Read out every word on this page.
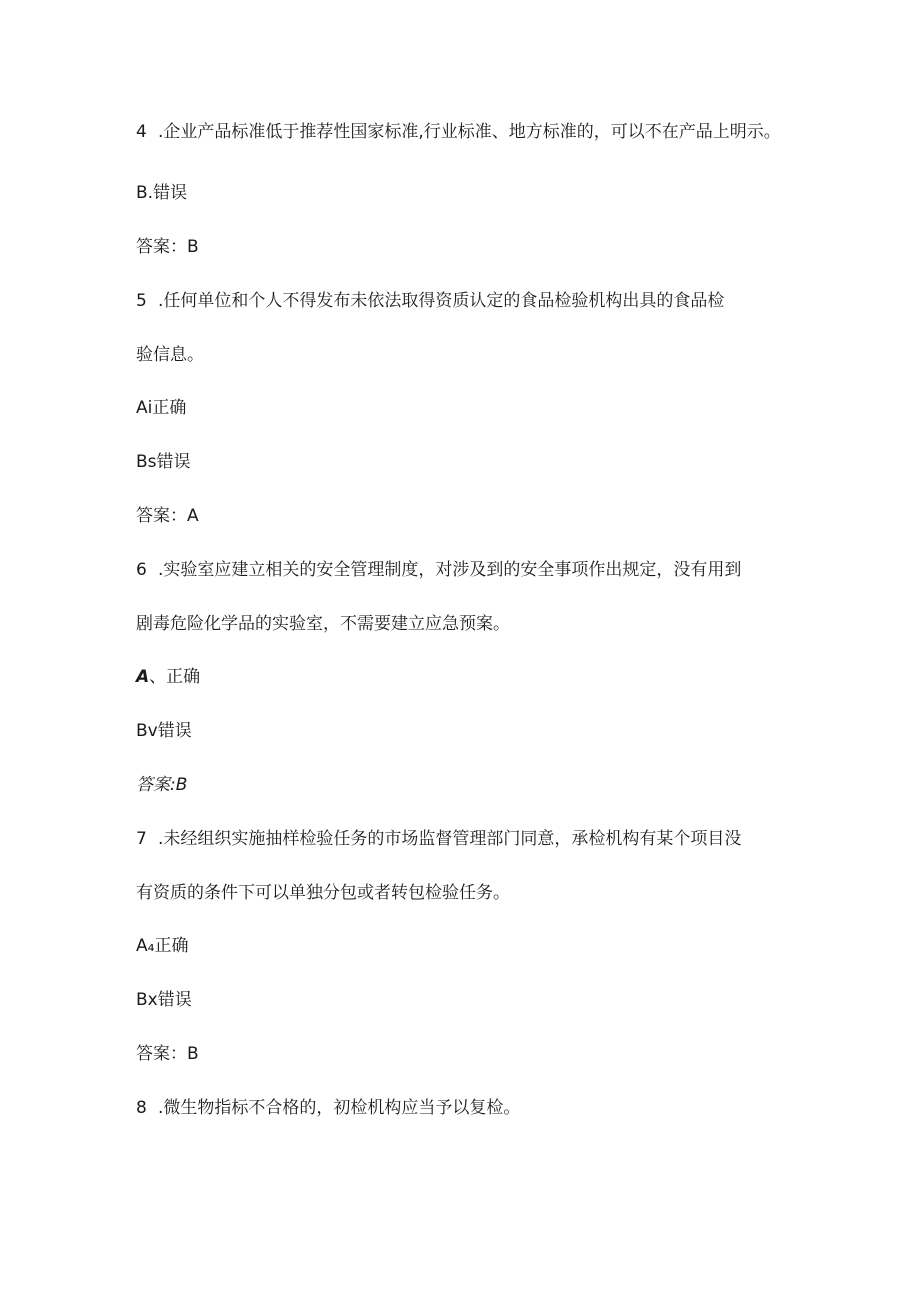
4 .企业产品标准低于推荐性国家标准,行业标准、地方标准的，可以不在产品上明示。
B.错误
答案：B
5 .任何单位和个人不得发布未依法取得资质认定的食品检验机构出具的食品检
验信息。
Ai正确
Bs错误
答案：A
6 .实验室应建立相关的安全管理制度，对涉及到的安全事项作出规定，没有用到
剧毒危险化学品的实验室，不需要建立应急预案。
A、正确
Bv错误
答案:B
7 .未经组织实施抽样检验任务的市场监督管理部门同意，承检机构有某个项目没
有资质的条件下可以单独分包或者转包检验任务。
A₄正确
Bx错误
答案：B
8 .微生物指标不合格的，初检机构应当予以复检。
